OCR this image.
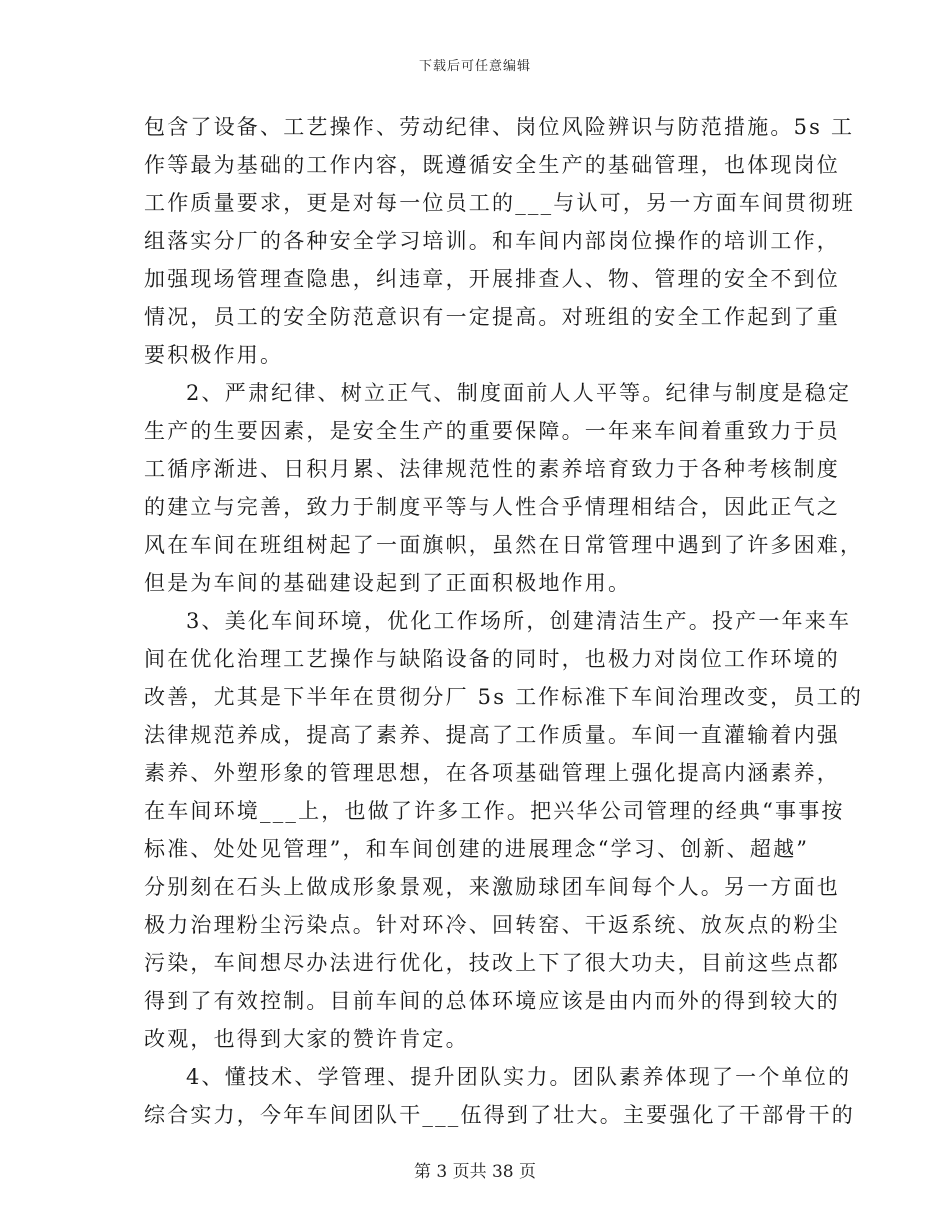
下载后可任意编辑
包含了设备、工艺操作、劳动纪律、岗位风险辨识与防范措施。5s 工
作等最为基础的工作内容，既遵循安全生产的基础管理，也体现岗位
工作质量要求，更是对每一位员工的___与认可，另一方面车间贯彻班
组落实分厂的各种安全学习培训。和车间内部岗位操作的培训工作，
加强现场管理查隐患，纠违章，开展排查人、物、管理的安全不到位
情况，员工的安全防范意识有一定提高。对班组的安全工作起到了重
要积极作用。
2、严肃纪律、树立正气、制度面前人人平等。纪律与制度是稳定
生产的生要因素，是安全生产的重要保障。一年来车间着重致力于员
工循序渐进、日积月累、法律规范性的素养培育致力于各种考核制度
的建立与完善，致力于制度平等与人性合乎情理相结合，因此正气之
风在车间在班组树起了一面旗帜，虽然在日常管理中遇到了许多困难，
但是为车间的基础建设起到了正面积极地作用。
3、美化车间环境，优化工作场所，创建清洁生产。投产一年来车
间在优化治理工艺操作与缺陷设备的同时，也极力对岗位工作环境的
改善，尤其是下半年在贯彻分厂 5s 工作标准下车间治理改变，员工的
法律规范养成，提高了素养、提高了工作质量。车间一直灌输着内强
素养、外塑形象的管理思想，在各项基础管理上强化提高内涵素养，
在车间环境___上，也做了许多工作。把兴华公司管理的经典“事事按
标准、处处见管理”，和车间创建的进展理念“学习、创新、超越”
分别刻在石头上做成形象景观，来激励球团车间每个人。另一方面也
极力治理粉尘污染点。针对环冷、回转窑、干返系统、放灰点的粉尘
污染，车间想尽办法进行优化，技改上下了很大功夫，目前这些点都
得到了有效控制。目前车间的总体环境应该是由内而外的得到较大的
改观，也得到大家的赞许肯定。
4、懂技术、学管理、提升团队实力。团队素养体现了一个单位的
综合实力，今年车间团队干___伍得到了壮大。主要强化了干部骨干的
第 3 页共 38 页
